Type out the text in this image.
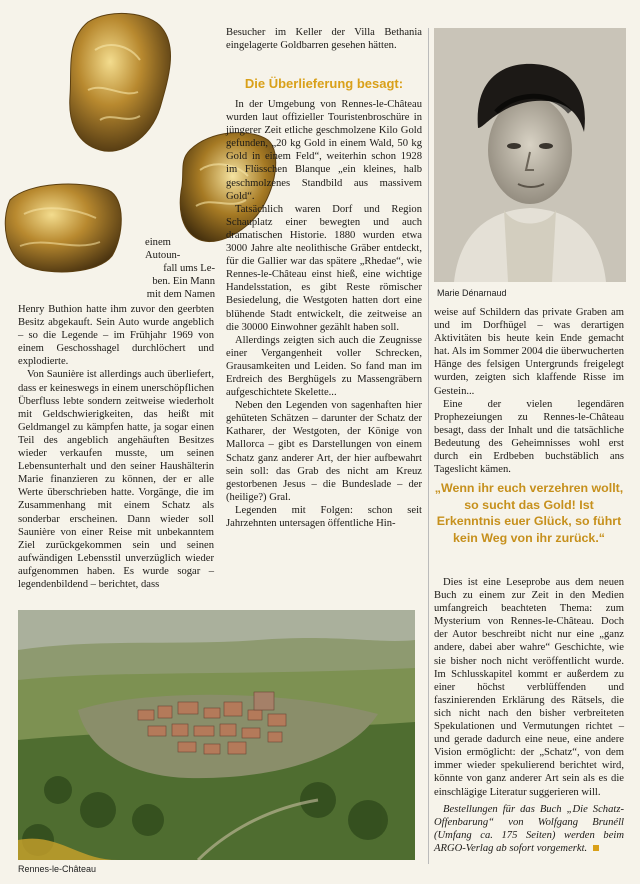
einem
Autoun-
fall ums Le-
ben. Ein Mann
mit dem Namen

Henry Buthion hatte ihm zuvor den geerbten Besitz abgekauft. Sein Auto wurde angeblich – so die Legende – im Frühjahr 1969 von einem Geschosshagel durchlöchert und explodierte.

Von Saunière ist allerdings auch überliefert, dass er keineswegs in einem unerschöpflichen Überfluss lebte sondern zeitweise wiederholt mit Geldschwierigkeiten, das heißt mit Geldmangel zu kämpfen hatte, ja sogar einen Teil des angeblich angehäuften Besitzes wieder verkaufen musste, um seinen Lebensunterhalt und den seiner Haushälterin Marie finanzieren zu können, der er alle Werte überschrieben hatte. Vorgänge, die im Zusammenhang mit einem Schatz als sonderbar erscheinen. Dann wieder soll Saunière von einer Reise mit unbekanntem Ziel zurückgekommen sein und seinen aufwändigen Lebensstil unverzüglich wieder aufgenommen haben. Es wurde sogar – legendenbildend – berichtet, dass

Besucher im Keller der Villa Bethania eingelagerte Goldbarren gesehen hätten.

Die Überlieferung besagt:

In der Umgebung von Rennes-le-Château wurden laut offizieller Touristenbroschüre in jüngerer Zeit etliche geschmolzene Kilo Gold gefunden, „20 kg Gold in einem Wald, 50 kg Gold in einem Feld“, weiterhin schon 1928 im Flüsschen Blanque „ein kleines, halb geschmolzenes Standbild aus massivem Gold“.

Tatsächlich waren Dorf und Region Schauplatz einer bewegten und auch dramatischen Historie. 1880 wurden etwa 3000 Jahre alte neolithische Gräber entdeckt, für die Gallier war das spätere „Rhedae“, wie Rennes-le-Château einst hieß, eine wichtige Handelsstation, es gibt Reste römischer Besiedelung, die Westgoten hatten dort eine blühende Stadt entwickelt, die zeitweise an die 30000 Einwohner gezählt haben soll.

Allerdings zeigten sich auch die Zeugnisse einer Vergangenheit voller Schrecken, Grausamkeiten und Leiden. So fand man im Erdreich des Berghügels zu Massengräbern aufgeschichtete Skelette...

Neben den Legenden von sagenhaften hier gehüteten Schätzen – darunter der Schatz der Katharer, der Westgoten, der Könige von Mallorca – gibt es Darstellungen von einem Schatz ganz anderer Art, der hier aufbewahrt sein soll: das Grab des nicht am Kreuz gestorbenen Jesus – die Bundeslade – der (heilige?) Gral.

Legenden mit Folgen: schon seit Jahrzehnten untersagen öffentliche Hin-

Marie Dénarnaud

weise auf Schildern das private Graben am und im Dorfhügel – was derartigen Aktivitäten bis heute kein Ende gemacht hat. Als im Sommer 2004 die überwucherten Hänge des felsigen Untergrunds freigelegt wurden, zeigten sich klaffende Risse im Gestein...

Eine der vielen legendären Prophezeiungen zu Rennes-le-Château besagt, dass der Inhalt und die tatsächliche Bedeutung des Geheimnisses wohl erst durch ein Erdbeben buchstäblich ans Tageslicht kämen.

„Wenn ihr euch verzehren wollt, so sucht das Gold! Ist Erkenntnis euer Glück, so führt kein Weg von ihr zurück.“

Dies ist eine Leseprobe aus dem neuen Buch zu einem zur Zeit in den Medien umfangreich beachteten Thema: zum Mysterium von Rennes-le-Château. Doch der Autor beschreibt nicht nur eine „ganz andere, dabei aber wahre“ Geschichte, wie sie bisher noch nicht veröffentlicht wurde. Im Schlusskapitel kommt er außerdem zu einer höchst verblüffenden und faszinierenden Erklärung des Rätsels, die sich nicht nach den bisher verbreiteten Spekulationen und Vermutungen richtet – und gerade dadurch eine neue, eine andere Vision ermöglicht: der „Schatz“, von dem immer wieder spekulierend berichtet wird, könnte von ganz anderer Art sein als es die einschlägige Literatur suggerieren will.

Bestellungen für das Buch „Die Schatz-Offenbarung“ von Wolfgang Brunéll (Umfang ca. 175 Seiten) werden beim ARGO-Verlag ab sofort vorgemerkt.

Rennes-le-Château
